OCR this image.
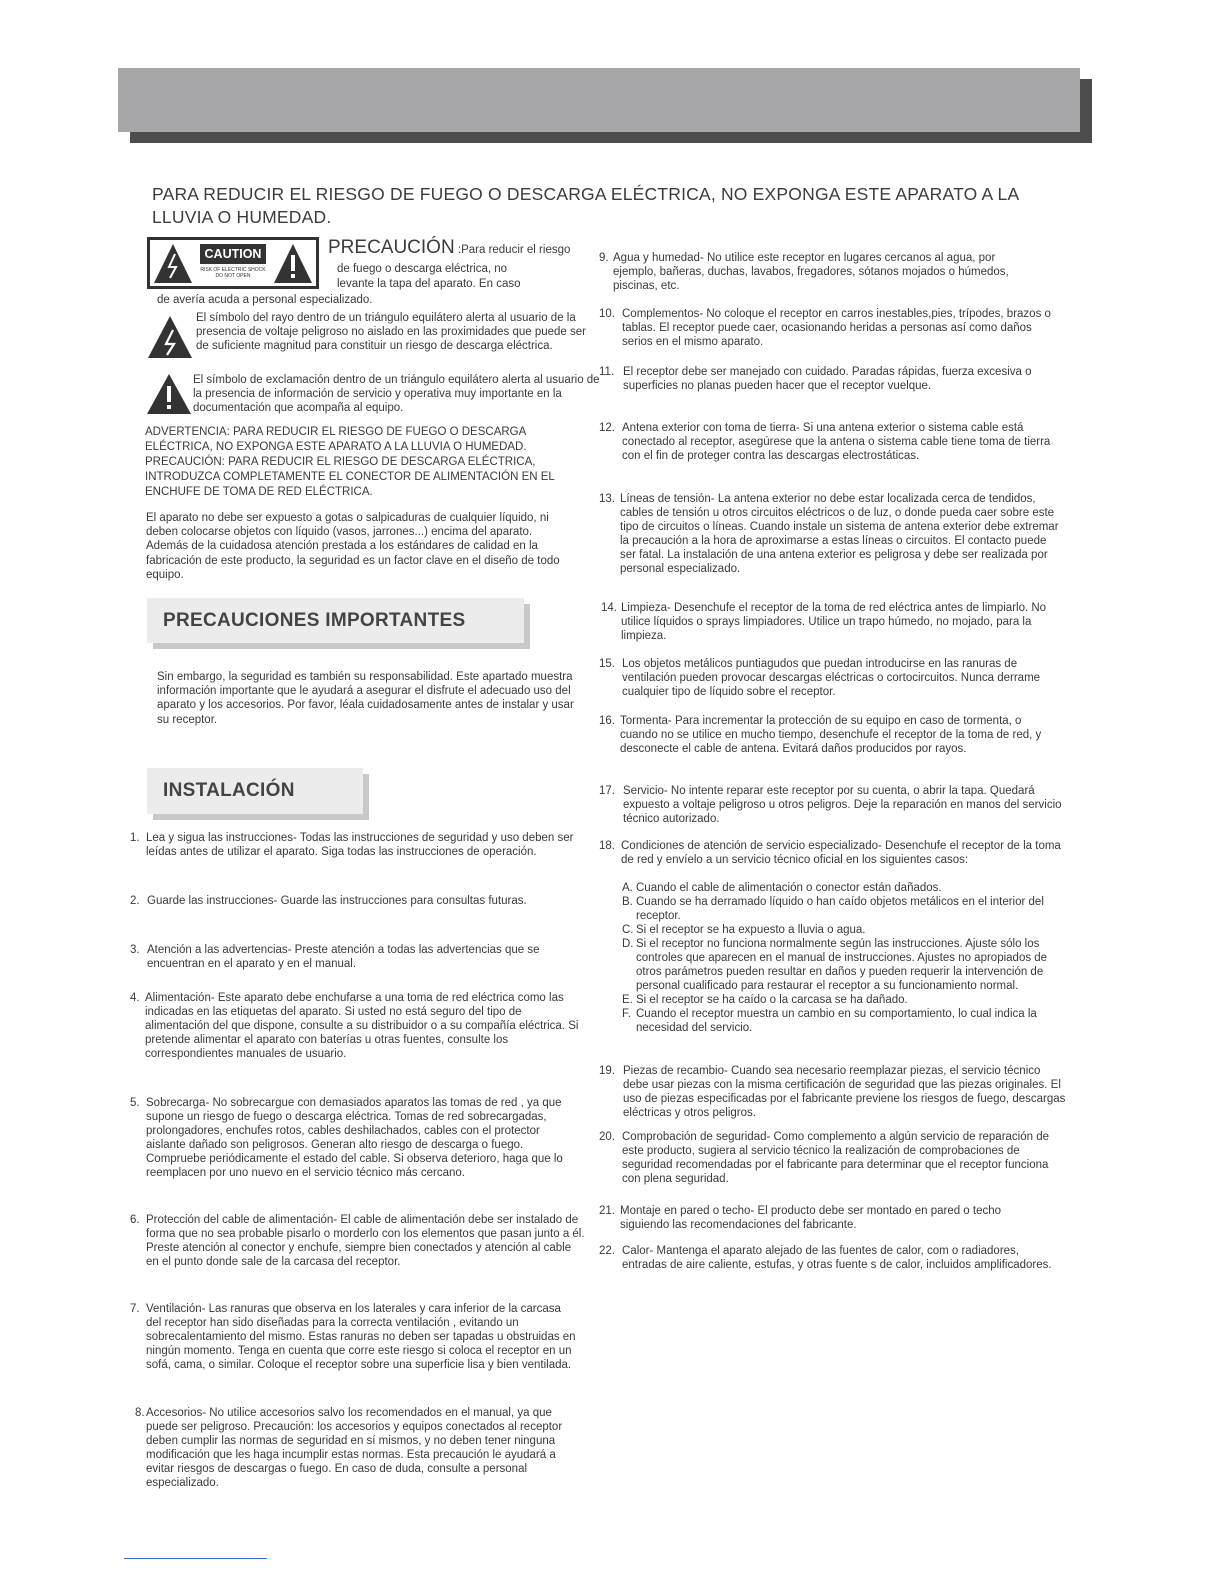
PARA REDUCIR EL RIESGO DE FUEGO O DESCARGA ELÉCTRICA, NO EXPONGA ESTE APARATO A LA LLUVIA O HUMEDAD.
CAUTION
RISK OF ELECTRIC SHOCK DO NOT OPEN
PRECAUCIÓN :Para reducir el riesgo
de fuego o descarga eléctrica, no
levante la tapa del aparato. En caso
de avería acuda a personal especializado.
El símbolo del rayo dentro de un triángulo equilátero alerta al usuario de la presencia de voltaje peligroso no aislado en las proximidades que puede ser de suficiente magnitud para constituir un riesgo de descarga eléctrica.
El símbolo de exclamación dentro de un triángulo equilátero alerta al usuario de la presencia de información de servicio y operativa muy importante en la documentación que acompaña al equipo.
ADVERTENCIA: PARA REDUCIR EL RIESGO DE FUEGO O DESCARGA ELÉCTRICA, NO EXPONGA ESTE APARATO A LA LLUVIA O HUMEDAD. PRECAUCIÓN: PARA REDUCIR EL RIESGO DE DESCARGA ELÉCTRICA, INTRODUZCA COMPLETAMENTE EL CONECTOR DE ALIMENTACIÓN EN EL ENCHUFE DE TOMA DE RED ELÉCTRICA.
El aparato no debe ser expuesto a gotas o salpicaduras de cualquier líquido, ni deben colocarse objetos con líquido (vasos, jarrones...) encima del aparato. Además de la cuidadosa atención prestada a los estándares de calidad en la fabricación de este producto, la seguridad es un factor clave en el diseño de todo equipo.
PRECAUCIONES IMPORTANTES
Sin embargo, la seguridad es también su responsabilidad. Este apartado muestra información importante que le ayudará a asegurar el disfrute el adecuado uso del aparato y los accesorios. Por favor, léala cuidadosamente antes de instalar y usar su receptor.
INSTALACIÓN
1. Lea y sigua las instrucciones- Todas las instrucciones de seguridad y uso deben ser leídas antes de utilizar el aparato. Siga todas las instrucciones de operación.
2. Guarde las instrucciones- Guarde las instrucciones para consultas futuras.
3. Atención a las advertencias- Preste atención a todas las advertencias que se encuentran en el aparato y en el manual.
4. Alimentación- Este aparato debe enchufarse a una toma de red eléctrica como las indicadas en las etiquetas del aparato. Si usted no está seguro del tipo de alimentación del que dispone, consulte a su distribuidor o a su compañía eléctrica. Si pretende alimentar el aparato con baterías u otras fuentes, consulte los correspondientes manuales de usuario.
5. Sobrecarga- No sobrecargue con demasiados aparatos las tomas de red , ya que supone un riesgo de fuego o descarga eléctrica. Tomas de red sobrecargadas, prolongadores, enchufes rotos, cables deshilachados, cables con el protector aislante dañado son peligrosos. Generan alto riesgo de descarga o fuego. Compruebe periódicamente el estado del cable. Si observa deterioro, haga que lo reemplacen por uno nuevo en el servicio técnico más cercano.
6. Protección del cable de alimentación- El cable de alimentación debe ser instalado de forma que no sea probable pisarlo o morderlo con los elementos que pasan junto a él. Preste atención al conector y enchufe, siempre bien conectados y atención al cable en el punto donde sale de la carcasa del receptor.
7. Ventilación- Las ranuras que observa en los laterales y cara inferior de la carcasa del receptor han sido diseñadas para la correcta ventilación , evitando un sobrecalentamiento del mismo. Estas ranuras no deben ser tapadas u obstruidas en ningún momento. Tenga en cuenta que corre este riesgo si coloca el receptor en un sofá, cama, o similar. Coloque el receptor sobre una superficie lisa y bien ventilada.
8. Accesorios- No utilice accesorios salvo los recomendados en el manual, ya que puede ser peligroso. Precaución: los accesorios y equipos conectados al receptor deben cumplir las normas de seguridad en sí mismos, y no deben tener ninguna modificación que les haga incumplir estas normas. Esta precaución le ayudará a evitar riesgos de descargas o fuego. En caso de duda, consulte a personal especializado.
9. Agua y humedad- No utilice este receptor en lugares cercanos al agua, por ejemplo, bañeras, duchas, lavabos, fregadores, sótanos mojados o húmedos, piscinas, etc.
10. Complementos- No coloque el receptor en carros inestables,pies, trípodes, brazos o tablas. El receptor puede caer, ocasionando heridas a personas así como daños serios en el mismo aparato.
11. El receptor debe ser manejado con cuidado. Paradas rápidas, fuerza excesiva o superficies no planas pueden hacer que el receptor vuelque.
12. Antena exterior con toma de tierra- Si una antena exterior o sistema cable está conectado al receptor, asegúrese que la antena o sistema cable tiene toma de tierra con el fin de proteger contra las descargas electrostáticas.
13. Líneas de tensión- La antena exterior no debe estar localizada cerca de tendidos, cables de tensión u otros circuitos eléctricos o de luz, o donde pueda caer sobre este tipo de circuitos o líneas. Cuando instale un sistema de antena exterior debe extremar la precaución a la hora de aproximarse a estas líneas o circuitos. El contacto puede ser fatal. La instalación de una antena exterior es peligrosa y debe ser realizada por personal especializado.
14. Limpieza- Desenchufe el receptor de la toma de red eléctrica antes de limpiarlo. No utilice líquidos o sprays limpiadores. Utilice un trapo húmedo, no mojado, para la limpieza.
15. Los objetos metálicos puntiagudos que puedan introducirse en las ranuras de ventilación pueden provocar descargas eléctricas o cortocircuitos. Nunca derrame cualquier tipo de líquido sobre el receptor.
16. Tormenta- Para incrementar la protección de su equipo en caso de tormenta, o cuando no se utilice en mucho tiempo, desenchufe el receptor de la toma de red, y desconecte el cable de antena. Evitará daños producidos por rayos.
17. Servicio- No intente reparar este receptor por su cuenta, o abrir la tapa. Quedará expuesto a voltaje peligroso u otros peligros. Deje la reparación en manos del servicio técnico autorizado.
18. Condiciones de atención de servicio especializado- Desenchufe el receptor de la toma de red y envíelo a un servicio técnico oficial en los siguientes casos:
A. Cuando el cable de alimentación o conector están dañados.
B. Cuando se ha derramado líquido o han caído objetos metálicos en el interior del receptor.
C. Si el receptor se ha expuesto a lluvia o agua.
D. Si el receptor no funciona normalmente según las instrucciones. Ajuste sólo los controles que aparecen en el manual de instrucciones. Ajustes no apropiados de otros parámetros pueden resultar en daños y pueden requerir la intervención de personal cualificado para restaurar el receptor a su funcionamiento normal.
E. Si el receptor se ha caído o la carcasa se ha dañado.
F. Cuando el receptor muestra un cambio en su comportamiento, lo cual indica la necesidad del servicio.
19. Piezas de recambio- Cuando sea necesario reemplazar piezas, el servicio técnico debe usar piezas con la misma certificación de seguridad que las piezas originales. El uso de piezas especificadas por el fabricante previene los riesgos de fuego, descargas eléctricas y otros peligros.
20. Comprobación de seguridad- Como complemento a algún servicio de reparación de este producto, sugiera al servicio técnico la realización de comprobaciones de seguridad recomendadas por el fabricante para determinar que el receptor funciona con plena seguridad.
21. Montaje en pared o techo- El producto debe ser montado en pared o techo siguiendo las recomendaciones del fabricante.
22. Calor- Mantenga el aparato alejado de las fuentes de calor, com o radiadores, entradas de aire caliente, estufas, y otras fuente s de calor, incluidos amplificadores.
